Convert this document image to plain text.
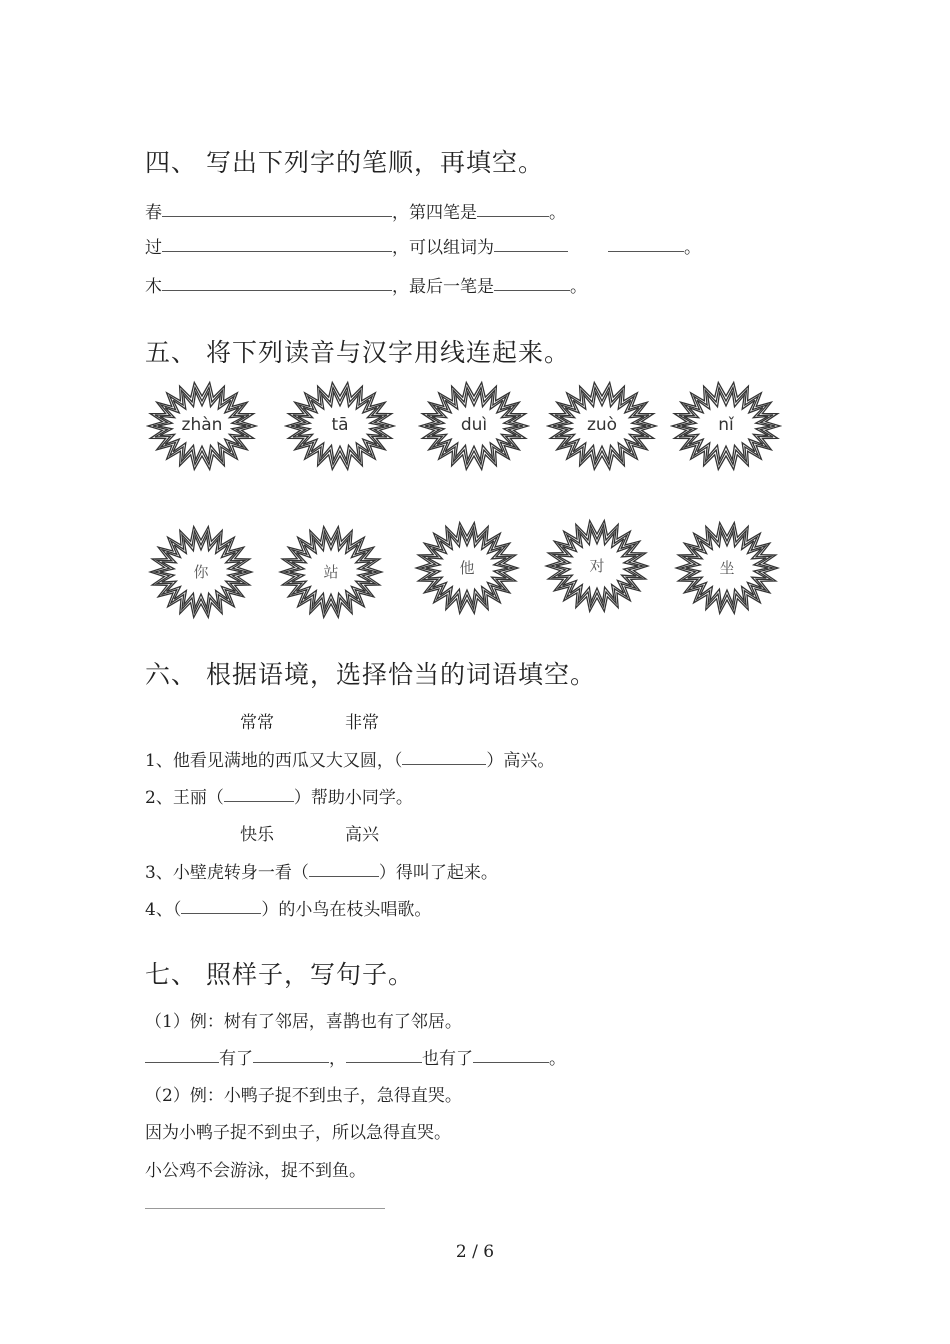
四、 写出下列字的笔顺，再填空。
春	，第四笔是	。
过	，可以组词为	。
木	，最后一笔是	。
五、 将下列读音与汉字用线连起来。
zhàn	tā	duì	zuò	nǐ
你	站	他	对	坐
六、 根据语境，选择恰当的词语填空。
常常	非常
1、他看见满地的西瓜又大又圆，（	）高兴。
2、王丽（	）帮助小同学。
快乐	高兴
3、小壁虎转身一看（	）得叫了起来。
4、（	）的小鸟在枝头唱歌。
七、 照样子，写句子。
（1）例：树有了邻居，喜鹊也有了邻居。
有了	，	也有了	。
（2）例：小鸭子捉不到虫子，急得直哭。
因为小鸭子捉不到虫子，所以急得直哭。
小公鸡不会游泳，捉不到鱼。
2 / 6
